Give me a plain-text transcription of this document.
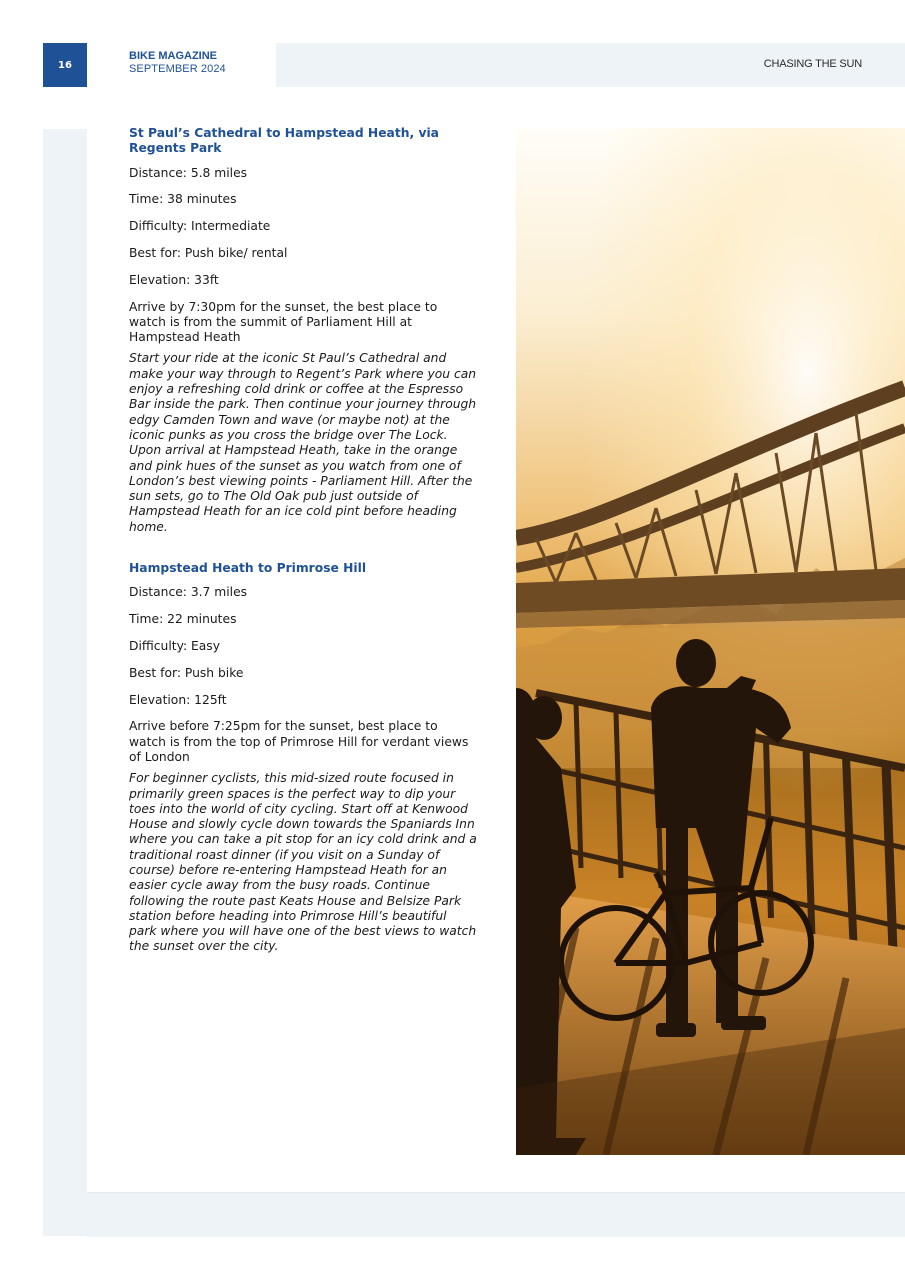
16
BIKE MAGAZINE
SEPTEMBER 2024	CHASING THE SUN

St Paul’s Cathedral to Hampstead Heath, via Regents Park

Distance: 5.8 miles

Time: 38 minutes

Difficulty: Intermediate

Best for: Push bike/ rental

Elevation: 33ft

Arrive by 7:30pm for the sunset, the best place to watch is from the summit of Parliament Hill at Hampstead Heath

Start your ride at the iconic St Paul’s Cathedral and make your way through to Regent’s Park where you can enjoy a refreshing cold drink or coffee at the Espresso Bar inside the park. Then continue your journey through edgy Camden Town and wave (or maybe not) at the iconic punks as you cross the bridge over The Lock. Upon arrival at Hampstead Heath, take in the orange and pink hues of the sunset as you watch from one of London’s best viewing points - Parliament Hill. After the sun sets, go to The Old Oak pub just outside of Hampstead Heath for an ice cold pint before heading home.

Hampstead Heath to Primrose Hill

Distance: 3.7 miles

Time: 22 minutes

Difficulty: Easy

Best for: Push bike

Elevation: 125ft

Arrive before 7:25pm for the sunset, best place to watch is from the top of Primrose Hill for verdant views of London

For beginner cyclists, this mid-sized route focused in primarily green spaces is the perfect way to dip your toes into the world of city cycling. Start off at Kenwood House and slowly cycle down towards the Spaniards Inn where you can take a pit stop for an icy cold drink and a traditional roast dinner (if you visit on a Sunday of course) before re-entering Hampstead Heath for an easier cycle away from the busy roads. Continue following the route past Keats House and Belsize Park station before heading into Primrose Hill’s beautiful park where you will have one of the best views to watch the sunset over the city.
